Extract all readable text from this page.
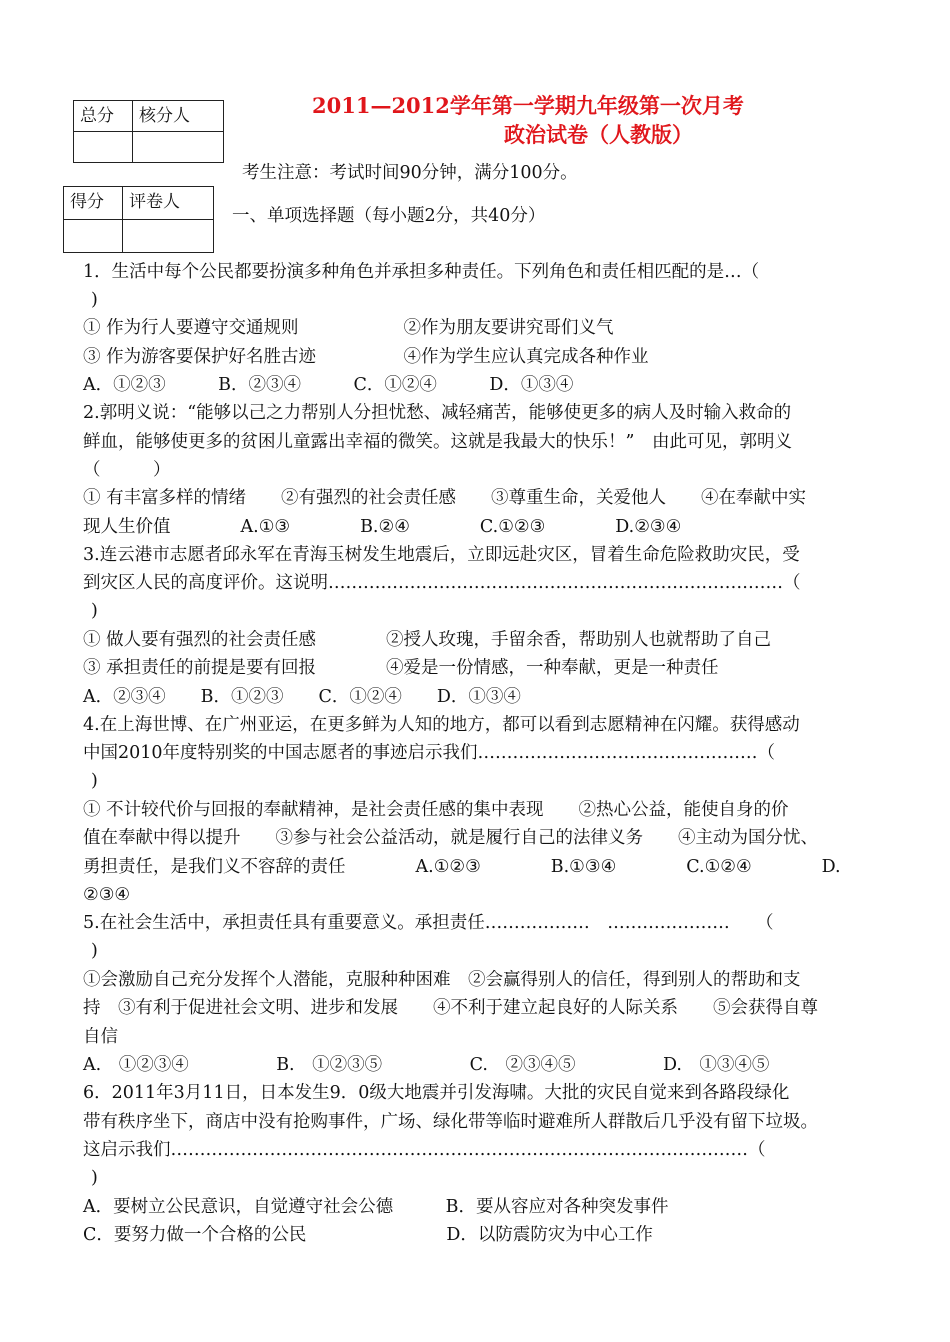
总分	核分人
		2011—2012学年第一学期九年级第一次月考
政治试卷（人教版）
考生注意：考试时间90分钟，满分100分。
得分	评卷人

一、单项选择题（每小题2分，共40分）
1．生活中每个公民都要扮演多种角色并承担多种责任。下列角色和责任相匹配的是…（
)
① 作为行人要遵守交通规则　　　　　　②作为朋友要讲究哥们义气
③ 作为游客要保护好名胜古迹　　　　　④作为学生应认真完成各种作业
A．①②③　　　B．②③④　　　C．①②④　　　D．①③④
2.郭明义说：“能够以己之力帮别人分担忧愁、减轻痛苦，能够使更多的病人及时输入救命的
鲜血，能够使更多的贫困儿童露出幸福的微笑。这就是我最大的快乐！”　由此可见，郭明义
（　　　）
① 有丰富多样的情绪　　②有强烈的社会责任感　　③尊重生命，关爱他人　　④在奉献中实
现人生价值　　　　A.①③　　　　B.②④　　　　C.①②③　　　　D.②③④
3.连云港市志愿者邱永军在青海玉树发生地震后，立即远赴灾区，冒着生命危险救助灾民，受
到灾区人民的高度评价。这说明……………………………………………………………………（
)
① 做人要有强烈的社会责任感　　　　②授人玫瑰，手留余香，帮助别人也就帮助了自己
③ 承担责任的前提是要有回报　　　　④爱是一份情感，一种奉献，更是一种责任
A．②③④　　B．①②③　　C．①②④　　D．①③④
4.在上海世博、在广州亚运，在更多鲜为人知的地方，都可以看到志愿精神在闪耀。获得感动
中国2010年度特别奖的中国志愿者的事迹启示我们…………………………………………（
)
① 不计较代价与回报的奉献精神，是社会责任感的集中表现　　②热心公益，能使自身的价
值在奉献中得以提升　　③参与社会公益活动，就是履行自己的法律义务　　④主动为国分忧、
勇担责任，是我们义不容辞的责任　　　　A.①②③　　　　B.①③④　　　　C.①②④　　　　D.
②③④
5.在社会生活中，承担责任具有重要意义。承担责任………………　…………………　　（
)
①会激励自己充分发挥个人潜能，克服种种困难　②会赢得别人的信任，得到别人的帮助和支
持　③有利于促进社会文明、进步和发展　　④不利于建立起良好的人际关系　　⑤会获得自尊
自信
A.　①②③④　　　　　B.　①②③⑤　　　　　C.　②③④⑤　　　　　D.　①③④⑤
6．2011年3月11日，日本发生9．0级大地震并引发海啸。大批的灾民自觉来到各路段绿化
带有秩序坐下，商店中没有抢购事件，广场、绿化带等临时避难所人群散后几乎没有留下垃圾。
这启示我们………………………………………………………………………………………（
)
A．要树立公民意识，自觉遵守社会公德　　　B．要从容应对各种突发事件
C．要努力做一个合格的公民　　　　　　　　D．以防震防灾为中心工作
